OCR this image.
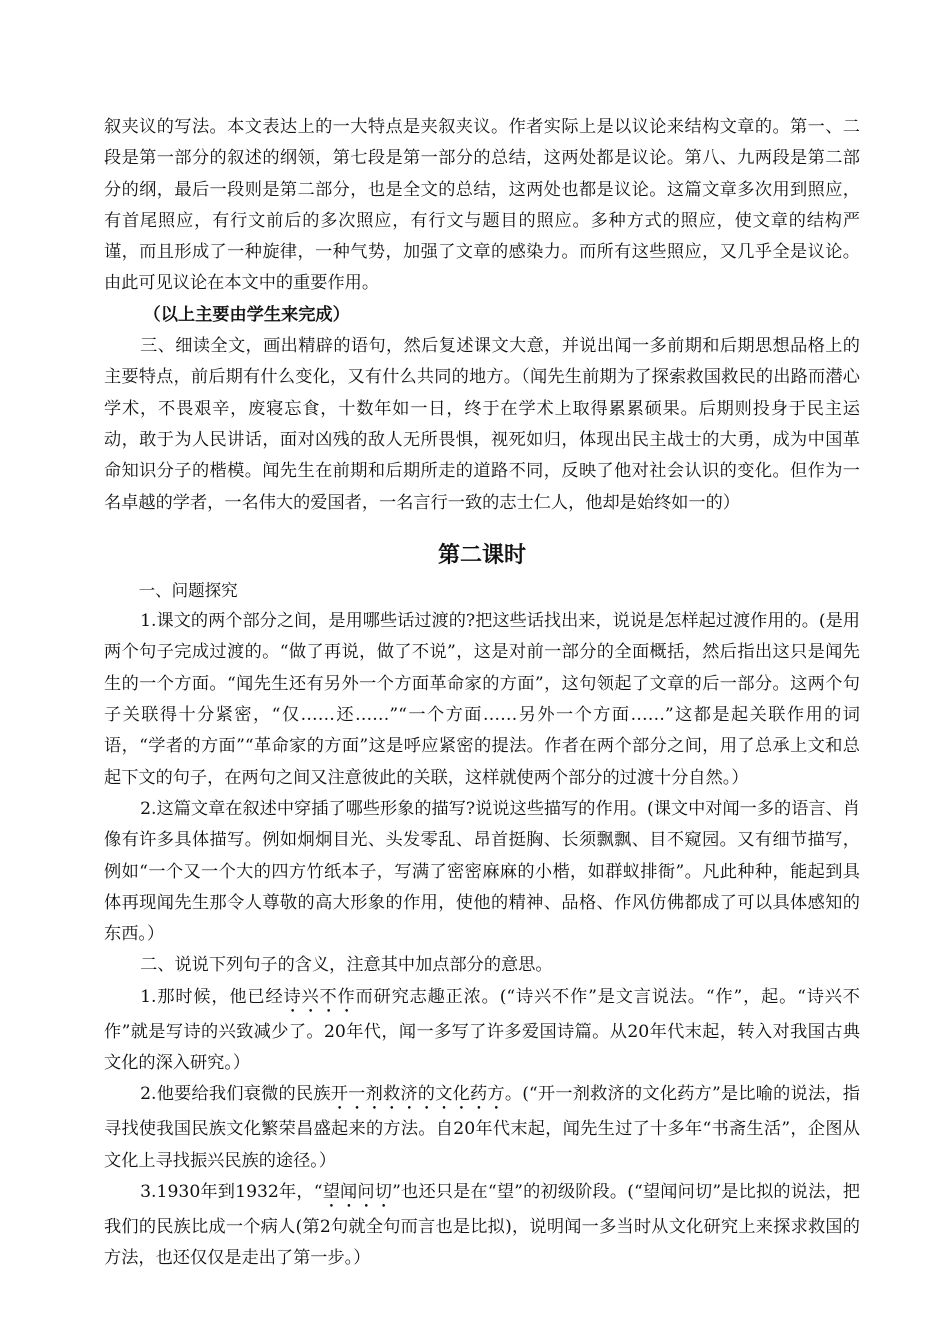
叙夹议的写法。本文表达上的一大特点是夹叙夹议。作者实际上是以议论来结构文章的。第一、二段是第一部分的叙述的纲领，第七段是第一部分的总结，这两处都是议论。第八、九两段是第二部分的纲，最后一段则是第二部分，也是全文的总结，这两处也都是议论。这篇文章多次用到照应，有首尾照应，有行文前后的多次照应，有行文与题目的照应。多种方式的照应，使文章的结构严谨，而且形成了一种旋律，一种气势，加强了文章的感染力。而所有这些照应，又几乎全是议论。由此可见议论在本文中的重要作用。

（以上主要由学生来完成）

三、细读全文，画出精辟的语句，然后复述课文大意，并说出闻一多前期和后期思想品格上的主要特点，前后期有什么变化，又有什么共同的地方。（闻先生前期为了探索救国救民的出路而潜心学术，不畏艰辛，废寝忘食，十数年如一日，终于在学术上取得累累硕果。后期则投身于民主运动，敢于为人民讲话，面对凶残的敌人无所畏惧，视死如归，体现出民主战士的大勇，成为中国革命知识分子的楷模。闻先生在前期和后期所走的道路不同，反映了他对社会认识的变化。但作为一名卓越的学者，一名伟大的爱国者，一名言行一致的志士仁人，他却是始终如一的）

第二课时

一、问题探究

1.课文的两个部分之间，是用哪些话过渡的?把这些话找出来，说说是怎样起过渡作用的。(是用两个句子完成过渡的。“做了再说，做了不说”，这是对前一部分的全面概括，然后指出这只是闻先生的一个方面。“闻先生还有另外一个方面革命家的方面”，这句领起了文章的后一部分。这两个句子关联得十分紧密，“仅……还……”“一个方面……另外一个方面……”这都是起关联作用的词语，“学者的方面”“革命家的方面”这是呼应紧密的提法。作者在两个部分之间，用了总承上文和总起下文的句子，在两句之间又注意彼此的关联，这样就使两个部分的过渡十分自然。）

2.这篇文章在叙述中穿插了哪些形象的描写?说说这些描写的作用。(课文中对闻一多的语言、肖像有许多具体描写。例如炯炯目光、头发零乱、昂首挺胸、长须飘飘、目不窥园。又有细节描写，例如“一个又一个大的四方竹纸本子，写满了密密麻麻的小楷，如群蚁排衙”。凡此种种，能起到具体再现闻先生那令人尊敬的高大形象的作用，使他的精神、品格、作风仿佛都成了可以具体感知的东西。）

二、说说下列句子的含义，注意其中加点部分的意思。

1.那时候，他已经诗兴不作而研究志趣正浓。(“诗兴不作”是文言说法。“作”，起。“诗兴不作”就是写诗的兴致减少了。20年代，闻一多写了许多爱国诗篇。从20年代末起，转入对我国古典文化的深入研究。）

2.他要给我们衰微的民族开一剂救济的文化药方。(“开一剂救济的文化药方”是比喻的说法，指寻找使我国民族文化繁荣昌盛起来的方法。自20年代末起，闻先生过了十多年“书斋生活”，企图从文化上寻找振兴民族的途径。）

3.1930年到1932年，“望闻问切”也还只是在“望”的初级阶段。(“望闻问切”是比拟的说法，把我们的民族比成一个病人(第2句就全句而言也是比拟)，说明闻一多当时从文化研究上来探求救国的方法，也还仅仅是走出了第一步。）
